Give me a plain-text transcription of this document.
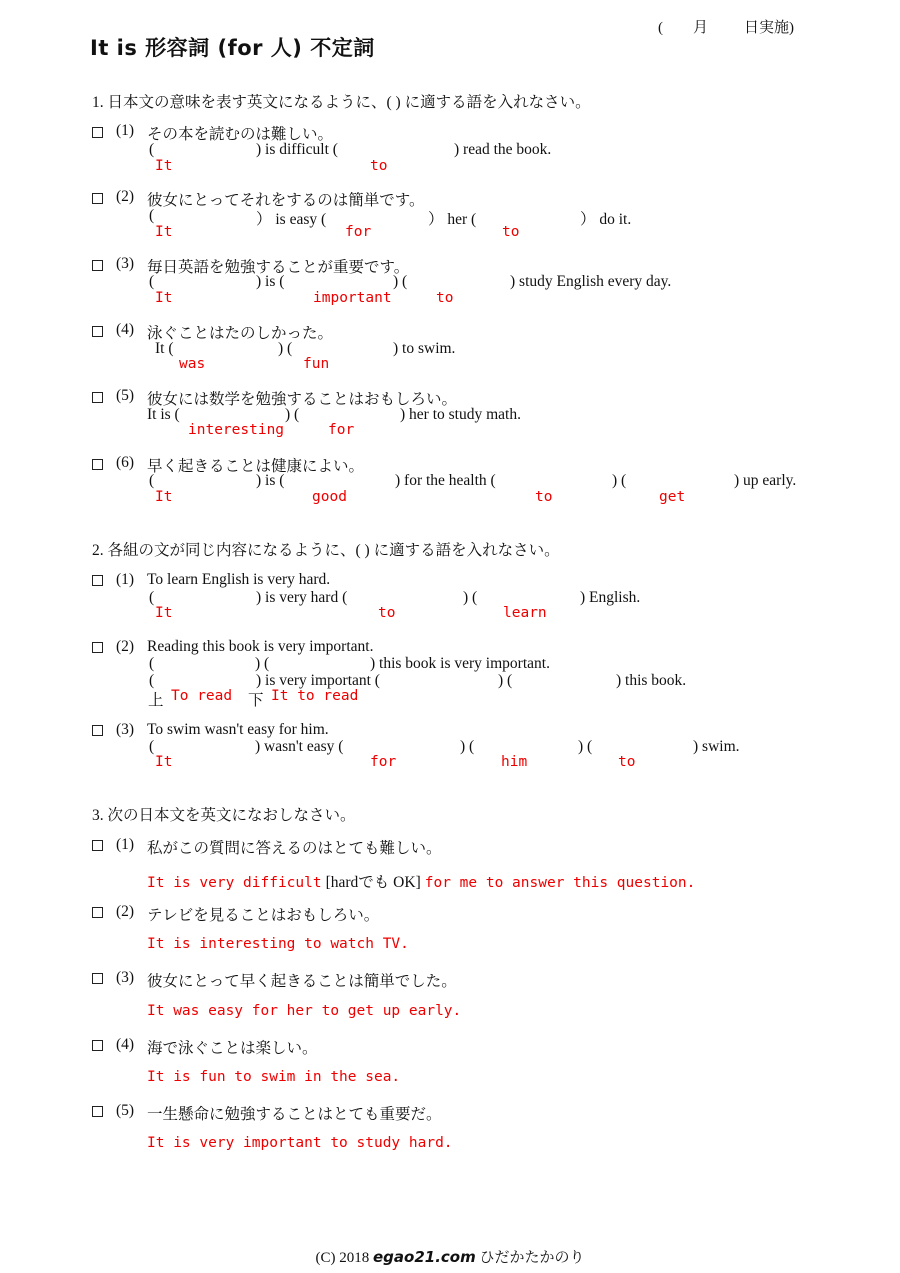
It is 形容詞 (for 人) 不定詞
( 月 日実施)
1. 日本文の意味を表す英文になるように、( ) に適する語を入れなさい。
(1) その本を読むのは難しい。
(	) is difficult (	) read the book.
It	to
(2) 彼女にとってそれをするのは簡単です。
(	） is easy (	） her (	） do it.
It	for	to
(3) 毎日英語を勉強することが重要です。
(	) is (	) (	) study English every day.
It	important	to
(4) 泳ぐことはたのしかった。
It (	) (	) to swim.
was	fun
(5) 彼女には数学を勉強することはおもしろい。
It is (	) (	) her to study math.
interesting	for
(6) 早く起きることは健康によい。
(	) is (	) for the health (	) (	) up early.
It	good	to	get
2. 各組の文が同じ内容になるように、( ) に適する語を入れなさい。
(1) To learn English is very hard.
(	) is very hard (	) (	) English.
It	to	learn
(2) Reading this book is very important.
(	) (	) this book is very important.
(	) is very important (	) (	) this book.
上 To read 下 It to read
(3) To swim wasn't easy for him.
(	) wasn't easy (	) (	) (	) swim.
It	for	him	to
3. 次の日本文を英文になおしなさい。
(1) 私がこの質問に答えるのはとても難しい。
It is very difficult [hardでも OK] for me to answer this question.
(2) テレビを見ることはおもしろい。
It is interesting to watch TV.
(3) 彼女にとって早く起きることは簡単でした。
It was easy for her to get up early.
(4) 海で泳ぐことは楽しい。
It is fun to swim in the sea.
(5) 一生懸命に勉強することはとても重要だ。
It is very important to study hard.
(C) 2018 egao21.com ひだかたかのり
